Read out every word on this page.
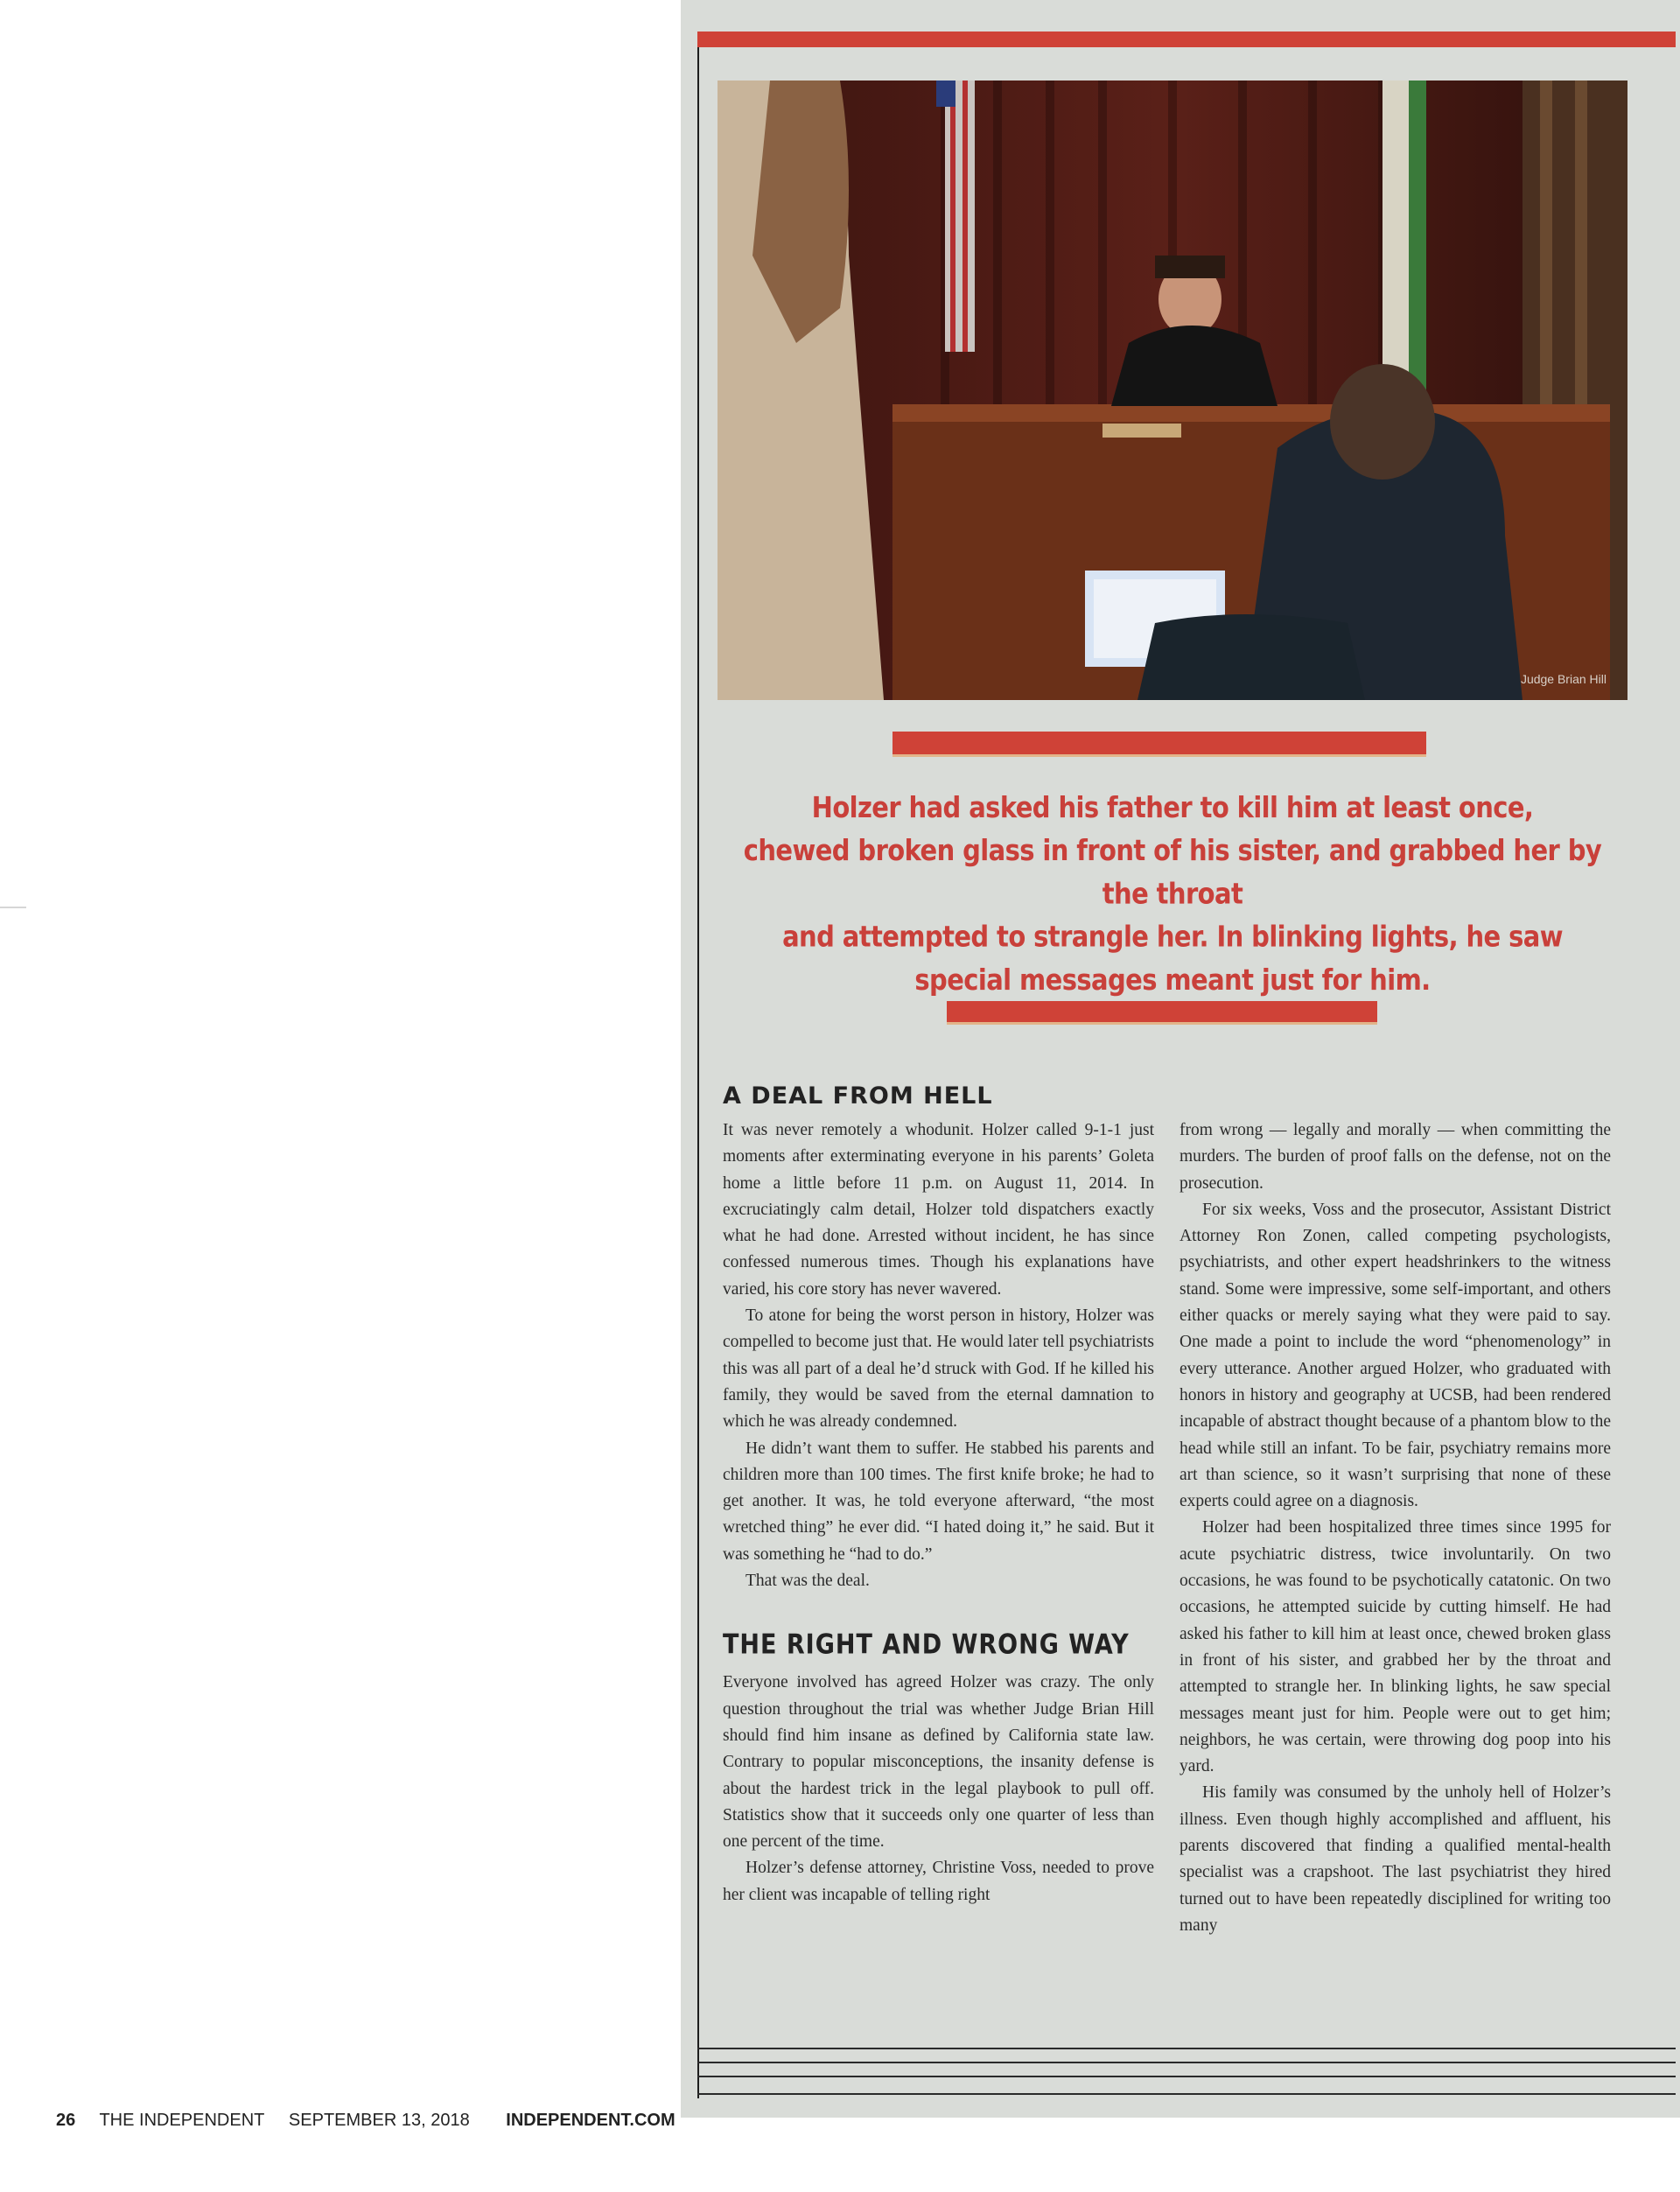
Judge Brian Hill
Holzer had asked his father to kill him at least once,
chewed broken glass in front of his sister, and grabbed her by the throat
and attempted to strangle her. In blinking lights, he saw
special messages meant just for him.
A DEAL FROM HELL

It was never remotely a whodunit. Holzer called 9-1-1 just moments after exterminating everyone in his parents’ Goleta home a little before 11 p.m. on August 11, 2014. In excruciatingly calm detail, Holzer told dispatchers exactly what he had done. Arrested without incident, he has since confessed numerous times. Though his explanations have varied, his core story has never wavered.

To atone for being the worst person in history, Holzer was compelled to become just that. He would later tell psychiatrists this was all part of a deal he’d struck with God. If he killed his family, they would be saved from the eternal damnation to which he was already condemned.

He didn’t want them to suffer. He stabbed his parents and children more than 100 times. The first knife broke; he had to get another. It was, he told everyone afterward, “the most wretched thing” he ever did. “I hated doing it,” he said. But it was something he “had to do.”

That was the deal.

THE RIGHT AND WRONG WAY

Everyone involved has agreed Holzer was crazy. The only question throughout the trial was whether Judge Brian Hill should find him insane as defined by California state law. Contrary to popular misconceptions, the insanity defense is about the hardest trick in the legal playbook to pull off. Statistics show that it succeeds only one quarter of less than one percent of the time.

Holzer’s defense attorney, Christine Voss, needed to prove her client was incapable of telling right

from wrong — legally and morally — when committing the murders. The burden of proof falls on the defense, not on the prosecution.

For six weeks, Voss and the prosecutor, Assistant District Attorney Ron Zonen, called competing psychologists, psychiatrists, and other expert headshrinkers to the witness stand. Some were impressive, some self-important, and others either quacks or merely saying what they were paid to say. One made a point to include the word “phenomenology” in every utterance. Another argued Holzer, who graduated with honors in history and geography at UCSB, had been rendered incapable of abstract thought because of a phantom blow to the head while still an infant. To be fair, psychiatry remains more art than science, so it wasn’t surprising that none of these experts could agree on a diagnosis.

Holzer had been hospitalized three times since 1995 for acute psychiatric distress, twice involuntarily. On two occasions, he was found to be psychotically catatonic. On two occasions, he attempted suicide by cutting himself. He had asked his father to kill him at least once, chewed broken glass in front of his sister, and grabbed her by the throat and attempted to strangle her. In blinking lights, he saw special messages meant just for him. People were out to get him; neighbors, he was certain, were throwing dog poop into his yard.

His family was consumed by the unholy hell of Holzer’s illness. Even though highly accomplished and affluent, his parents discovered that finding a qualified mental-health specialist was a crapshoot. The last psychiatrist they hired turned out to have been repeatedly disciplined for writing too many

26 THE INDEPENDENT SEPTEMBER 13, 2018 INDEPENDENT.COM
